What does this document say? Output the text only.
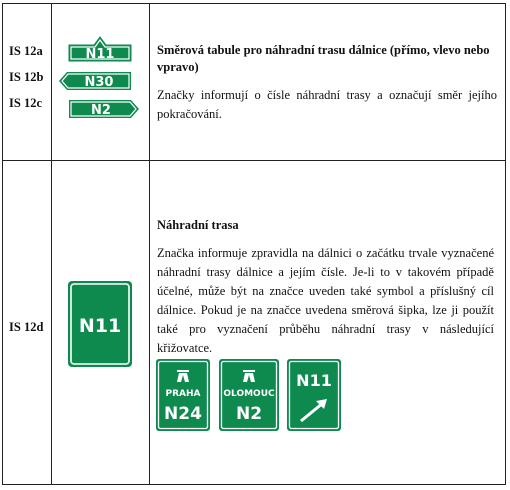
IS 12a
IS 12b
IS 12c
N11
N30
N2
Směrová tabule pro náhradní trasu dálnice (přímo, vlevo nebo vpravo)
Značky informují o čísle náhradní trasy a označují směr jejího pokračování.
IS 12d N11
Náhradní trasa
Značka informuje zpravidla na dálnici o začátku trvale vyznačené náhradní trasy dálnice a jejím čísle. Je-li to v takovém případě účelné, může být na značce uveden také symbol a příslušný cíl dálnice. Pokud je na značce uvedena směrová šipka, lze ji použít také pro vyznačení průběhu náhradní trasy v následující křižovatce.
PRAHA
N24
OLOMOUC
N2
N11
